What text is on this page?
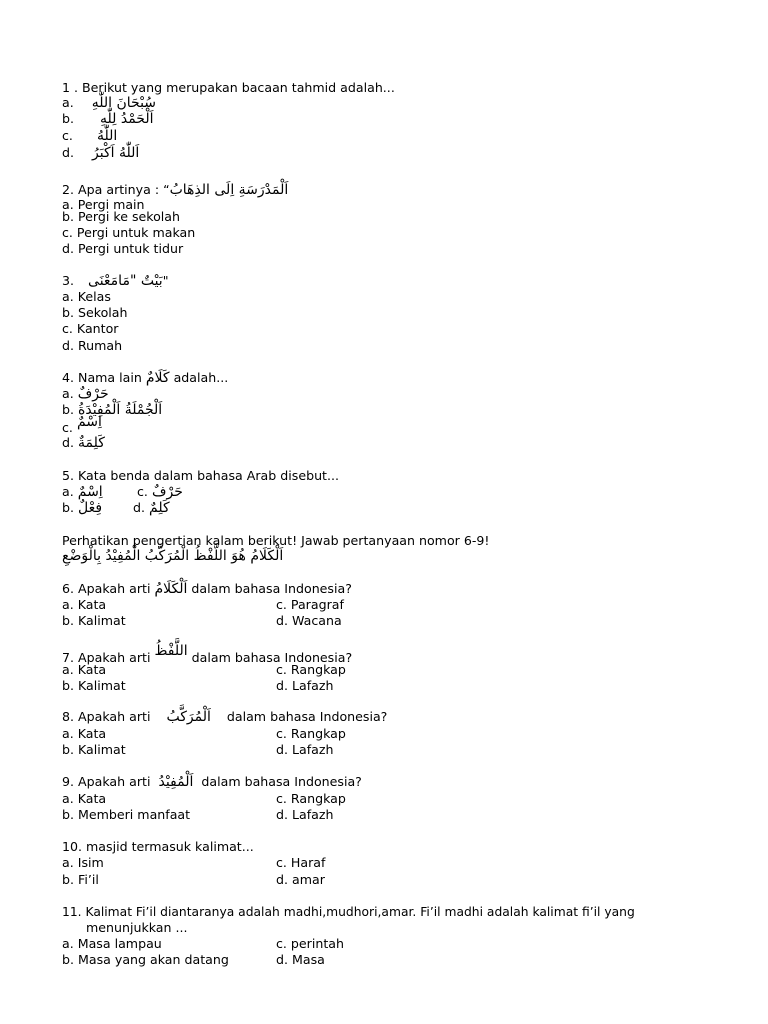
1 . Berikut yang merupakan bacaan tahmid adalah...
a. سُبْحَانَ اللّٰهِ
b. اَلْحَمْدُ لِلّٰهِ
c. اللّٰهُ
d. اَللّٰهُ اَكْبَرُ
2. Apa artinya : “اَلْمَدْرَسَةِ اِلَى الذِهَابُ
a. Pergi main
b. Pergi ke sekolah
c. Pergi untuk makan
d. Pergi untuk tidur
3. بَيْتٌ "مَامَعْنَى"
a. Kelas
b. Sekolah
c. Kantor
d. Rumah
4. Nama lain كَلَامٌ adalah...
a. حَرْفٌ
b. اَلْجُمْلَةُ اَلْمُفِيْدَةُ
c. اِسْمٌ
d. كَلِمَةٌ
5. Kata benda dalam bahasa Arab disebut...
a. اِسْمٌ	c. حَرْفٌ
b. فِعْلٌ d. كَلِمٌ
Perhatikan pengertian kalam berikut! Jawab pertanyaan nomor 6-9!
اَلْكَلَامُ هُوَ اللَّفْظُ الْمُرَكَّبُ الْمُفِيْدُ بِالْوَضْعِ
6. Apakah arti اَلْكَلَامُ dalam bahasa Indonesia?
a. Kata	c. Paragraf
b. Kalimat	d. Wacana
7. Apakah arti اللَّفْظُ dalam bahasa Indonesia?
a. Kata	c. Rangkap
b. Kalimat	d. Lafazh
8. Apakah arti اَلْمُرَكَّبُ dalam bahasa Indonesia?
a. Kata	c. Rangkap
b. Kalimat	d. Lafazh
9. Apakah arti اَلْمُفِيْدُ dalam bahasa Indonesia?
a. Kata	c. Rangkap
b. Memberi manfaat	d. Lafazh
10. masjid termasuk kalimat...
a. Isim	c. Haraf
b. Fi’il	d. amar
11. Kalimat Fi’il diantaranya adalah madhi,mudhori,amar. Fi’il madhi adalah kalimat fi’il yang
menunjukkan ...
a. Masa lampau	c. perintah
b. Masa yang akan datang	d. Masa
